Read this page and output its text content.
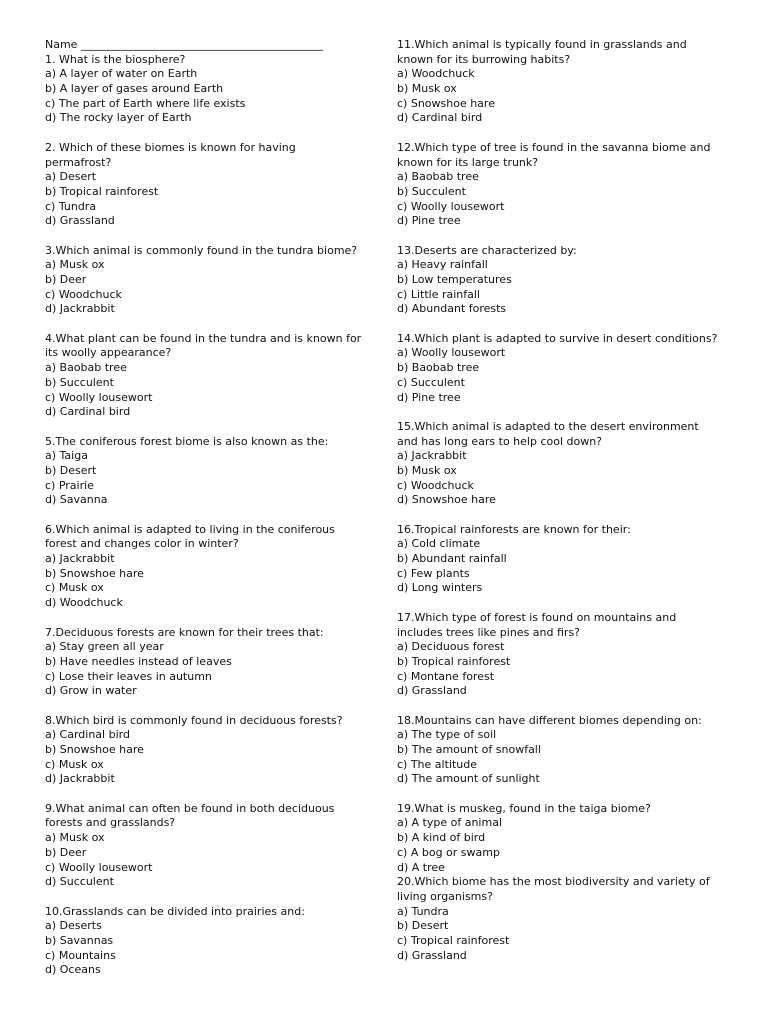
Name ____________________________________________
1. What is the biosphere?
a) A layer of water on Earth
b) A layer of gases around Earth
c) The part of Earth where life exists
d) The rocky layer of Earth
2. Which of these biomes is known for having
permafrost?
a) Desert
b) Tropical rainforest
c) Tundra
d) Grassland
3.Which animal is commonly found in the tundra biome?
a) Musk ox
b) Deer
c) Woodchuck
d) Jackrabbit
4.What plant can be found in the tundra and is known for
its woolly appearance?
a) Baobab tree
b) Succulent
c) Woolly lousewort
d) Cardinal bird
5.The coniferous forest biome is also known as the:
a) Taiga
b) Desert
c) Prairie
d) Savanna
6.Which animal is adapted to living in the coniferous
forest and changes color in winter?
a) Jackrabbit
b) Snowshoe hare
c) Musk ox
d) Woodchuck
7.Deciduous forests are known for their trees that:
a) Stay green all year
b) Have needles instead of leaves
c) Lose their leaves in autumn
d) Grow in water
8.Which bird is commonly found in deciduous forests?
a) Cardinal bird
b) Snowshoe hare
c) Musk ox
d) Jackrabbit
9.What animal can often be found in both deciduous
forests and grasslands?
a) Musk ox
b) Deer
c) Woolly lousewort
d) Succulent
10.Grasslands can be divided into prairies and:
a) Deserts
b) Savannas
c) Mountains
d) Oceans
11.Which animal is typically found in grasslands and
known for its burrowing habits?
a) Woodchuck
b) Musk ox
c) Snowshoe hare
d) Cardinal bird
12.Which type of tree is found in the savanna biome and
known for its large trunk?
a) Baobab tree
b) Succulent
c) Woolly lousewort
d) Pine tree
13.Deserts are characterized by:
a) Heavy rainfall
b) Low temperatures
c) Little rainfall
d) Abundant forests
14.Which plant is adapted to survive in desert conditions?
a) Woolly lousewort
b) Baobab tree
c) Succulent
d) Pine tree
15.Which animal is adapted to the desert environment
and has long ears to help cool down?
a) Jackrabbit
b) Musk ox
c) Woodchuck
d) Snowshoe hare
16.Tropical rainforests are known for their:
a) Cold climate
b) Abundant rainfall
c) Few plants
d) Long winters
17.Which type of forest is found on mountains and
includes trees like pines and firs?
a) Deciduous forest
b) Tropical rainforest
c) Montane forest
d) Grassland
18.Mountains can have different biomes depending on:
a) The type of soil
b) The amount of snowfall
c) The altitude
d) The amount of sunlight
19.What is muskeg, found in the taiga biome?
a) A type of animal
b) A kind of bird
c) A bog or swamp
d) A tree
20.Which biome has the most biodiversity and variety of
living organisms?
a) Tundra
b) Desert
c) Tropical rainforest
d) Grassland
